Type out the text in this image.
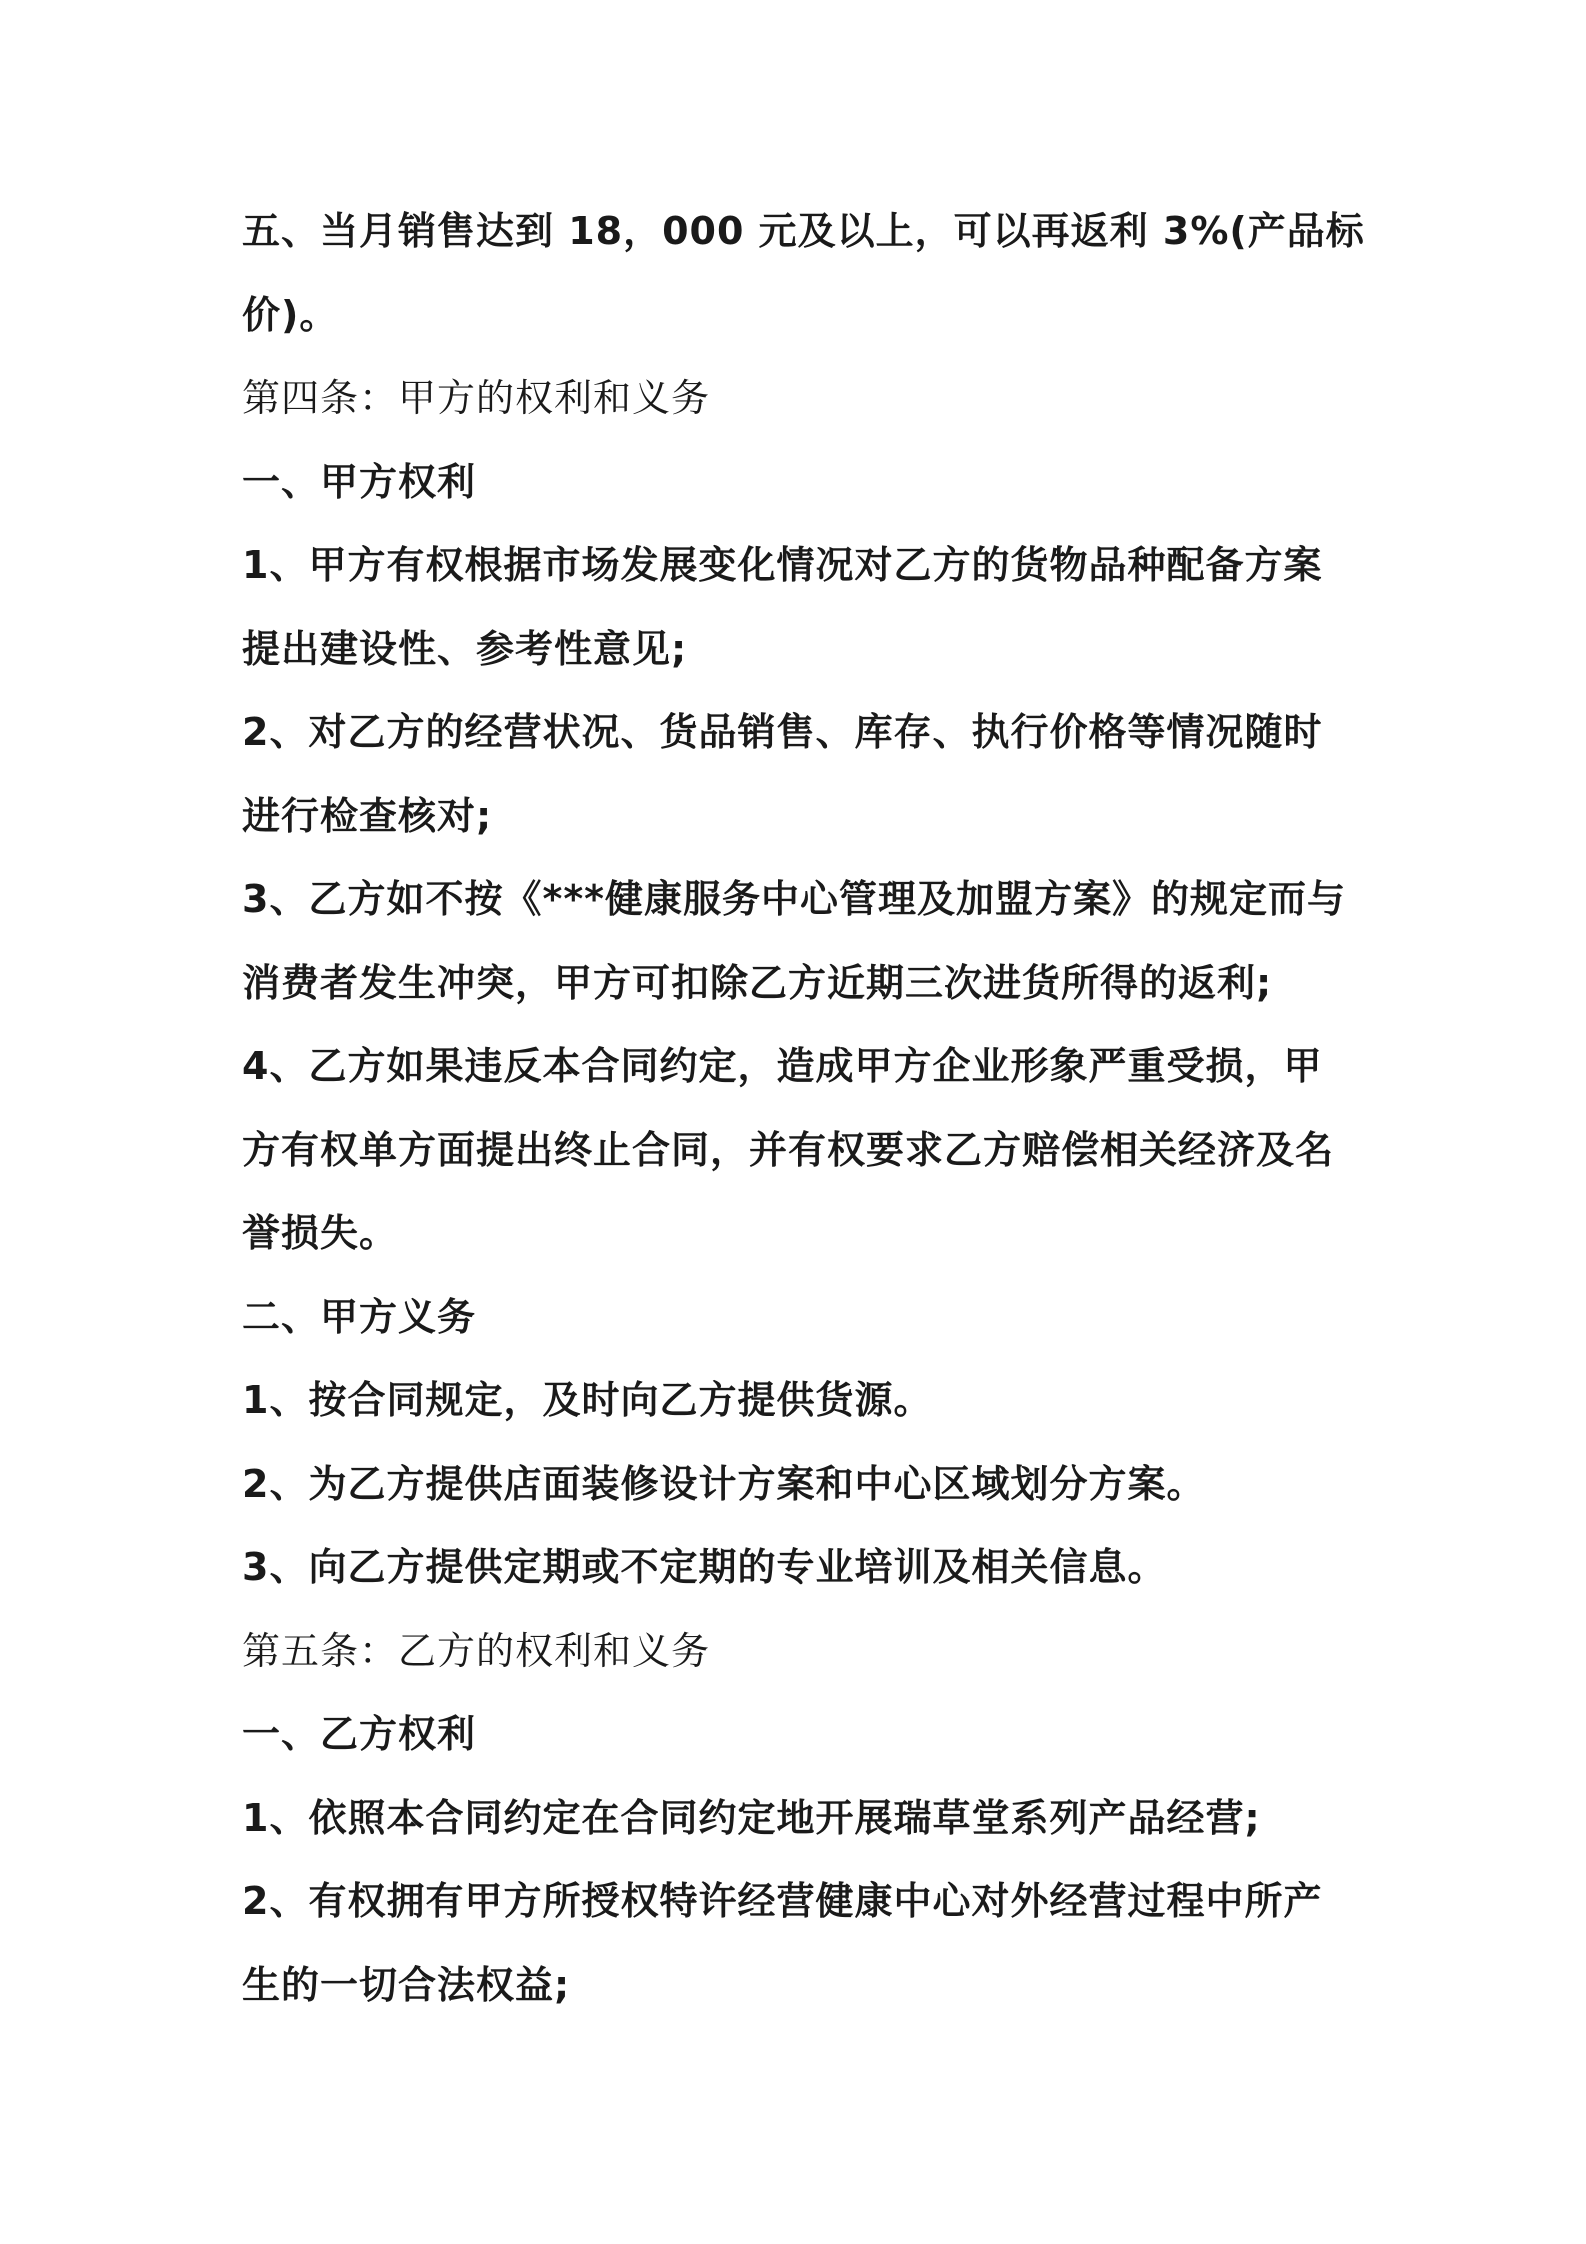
五、当月销售达到 18，000 元及以上，可以再返利 3%(产品标
价)。
第四条：甲方的权利和义务
一、甲方权利
1、甲方有权根据市场发展变化情况对乙方的货物品种配备方案
提出建设性、参考性意见;
2、对乙方的经营状况、货品销售、库存、执行价格等情况随时
进行检查核对;
3、乙方如不按《***健康服务中心管理及加盟方案》的规定而与
消费者发生冲突，甲方可扣除乙方近期三次进货所得的返利;
4、乙方如果违反本合同约定，造成甲方企业形象严重受损，甲
方有权单方面提出终止合同，并有权要求乙方赔偿相关经济及名
誉损失。
二、甲方义务
1、按合同规定，及时向乙方提供货源。
2、为乙方提供店面装修设计方案和中心区域划分方案。
3、向乙方提供定期或不定期的专业培训及相关信息。
第五条：乙方的权利和义务
一、乙方权利
1、依照本合同约定在合同约定地开展瑞草堂系列产品经营;
2、有权拥有甲方所授权特许经营健康中心对外经营过程中所产
生的一切合法权益;
